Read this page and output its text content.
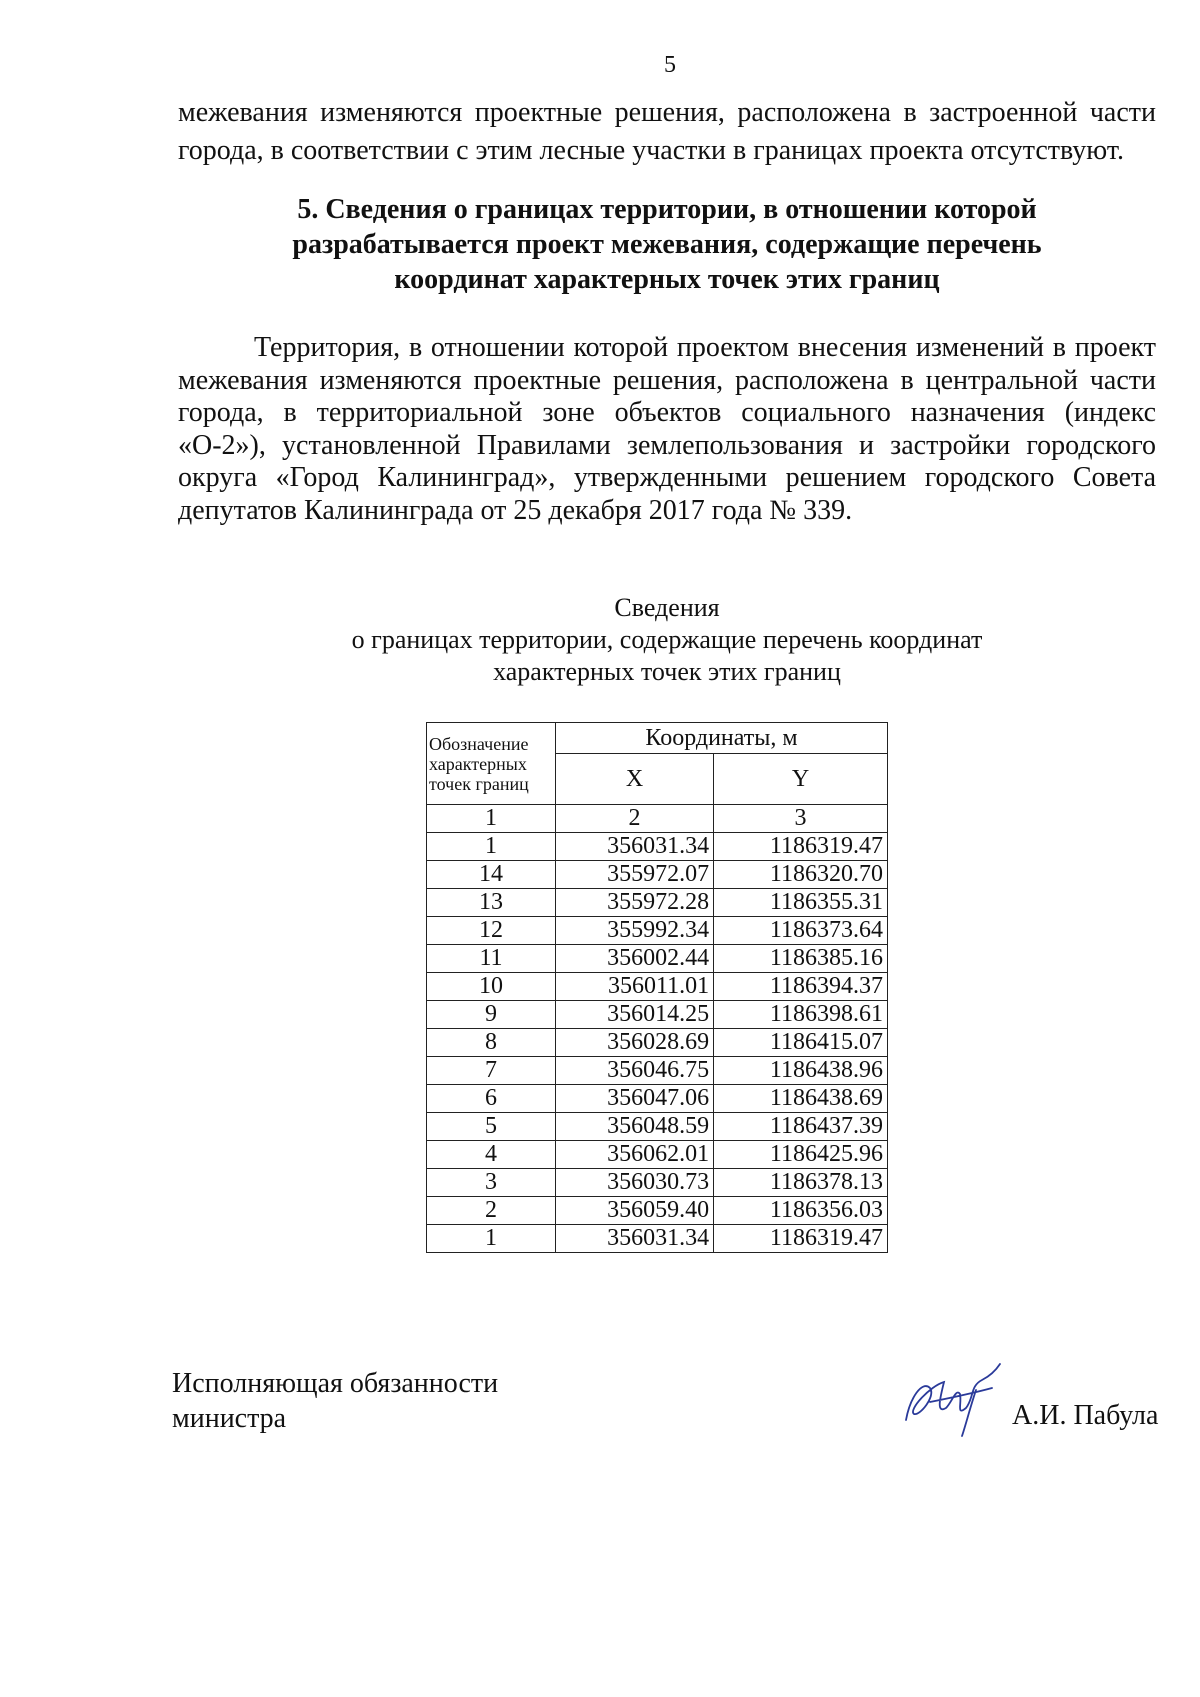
5

межевания изменяются проектные решения, расположена в застроенной части города, в соответствии с этим лесные участки в границах проекта отсутствуют.

5. Сведения о границах территории, в отношении которой
разрабатывается проект межевания, содержащие перечень
координат характерных точек этих границ

Территория, в отношении которой проектом внесения изменений в проект межевания изменяются проектные решения, расположена в центральной части города, в территориальной зоне объектов социального назначения (индекс «О-2»), установленной Правилами землепользования и застройки городского округа «Город Калининград», утвержденными решением городского Совета депутатов Калининграда от 25 декабря 2017 года № 339.

Сведения
о границах территории, содержащие перечень координат
характерных точек этих границ
Обозначение характерных точек границ	Координаты, м	
	X	Y
1	2	3
1	356031.34	1186319.47
14	355972.07	1186320.70
13	355972.28	1186355.31
12	355992.34	1186373.64
11	356002.44	1186385.16
10	356011.01	1186394.37
9	356014.25	1186398.61
8	356028.69	1186415.07
7	356046.75	1186438.96
6	356047.06	1186438.69
5	356048.59	1186437.39
4	356062.01	1186425.96
3	356030.73	1186378.13
2	356059.40	1186356.03
1	356031.34	1186319.47
Исполняющая обязанности
министра	А.И. Пабула
